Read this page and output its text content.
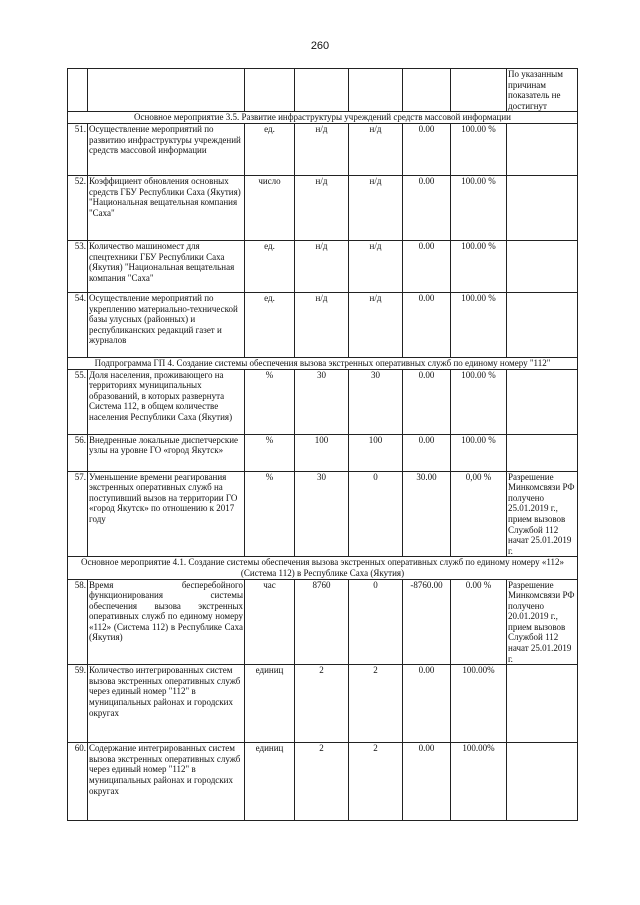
260
							По указанным причинам показатель не достигнут
Основное мероприятие 3.5. Развитие инфраструктуры учреждений средств массовой информации							
51.	Осуществление мероприятий по развитию инфраструктуры учреждений средств массовой информации	ед.	н/д	н/д	0.00	100.00 %	
52.	Коэффициент обновления основных средств ГБУ Республики Саха (Якутия) "Национальная вещательная компания "Саха"	число	н/д	н/д	0.00	100.00 %	
53.	Количество машиномест для спецтехники ГБУ Республики Саха (Якутия) "Национальная вещательная компания "Саха"	ед.	н/д	н/д	0.00	100.00 %	
54.	Осуществление мероприятий по укреплению материально-технической базы улусных (районных) и республиканских редакций газет и журналов	ед.	н/д	н/д	0.00	100.00 %	
Подпрограмма ГП 4. Создание системы обеспечения вызова экстренных оперативных служб по единому номеру "112"							
55.	Доля населения, проживающего на территориях муниципальных образований, в которых развернута Система 112, в общем количестве населения Республики Саха (Якутия)	%	30	30	0.00	100.00 %	
56.	Внедренные локальные диспетчерские узлы на уровне ГО «город Якутск»	%	100	100	0.00	100.00 %	
57.	Уменьшение времени реагирования экстренных оперативных служб на поступивший вызов на территории ГО «город Якутск» по отношению к 2017 году	%	30	0	30.00	0,00 %	Разрешение Минкомсвязи РФ получено 25.01.2019 г., прием вызовов Службой 112 начат 25.01.2019 г.
Основное мероприятие 4.1. Создание системы обеспечения вызова экстренных оперативных служб по единому номеру «112» (Система 112) в Республике Саха (Якутия)							
58.	Время бесперебойного функционирования системы обеспечения вызова экстренных оперативных служб по единому номеру «112» (Система 112) в Республике Саха (Якутия)	час	8760	0	-8760.00	0.00 %	Разрешение Минкомсвязи РФ получено 20.01.2019 г., прием вызовов Службой 112 начат 25.01.2019 г.
59.	Количество интегрированных систем вызова экстренных оперативных служб через единый номер "112" в муниципальных районах и городских округах	единиц	2	2	0.00	100.00%	
60.	Содержание интегрированных систем вызова экстренных оперативных служб через единый номер "112" в муниципальных районах и городских округах	единиц	2	2	0.00	100.00%	
